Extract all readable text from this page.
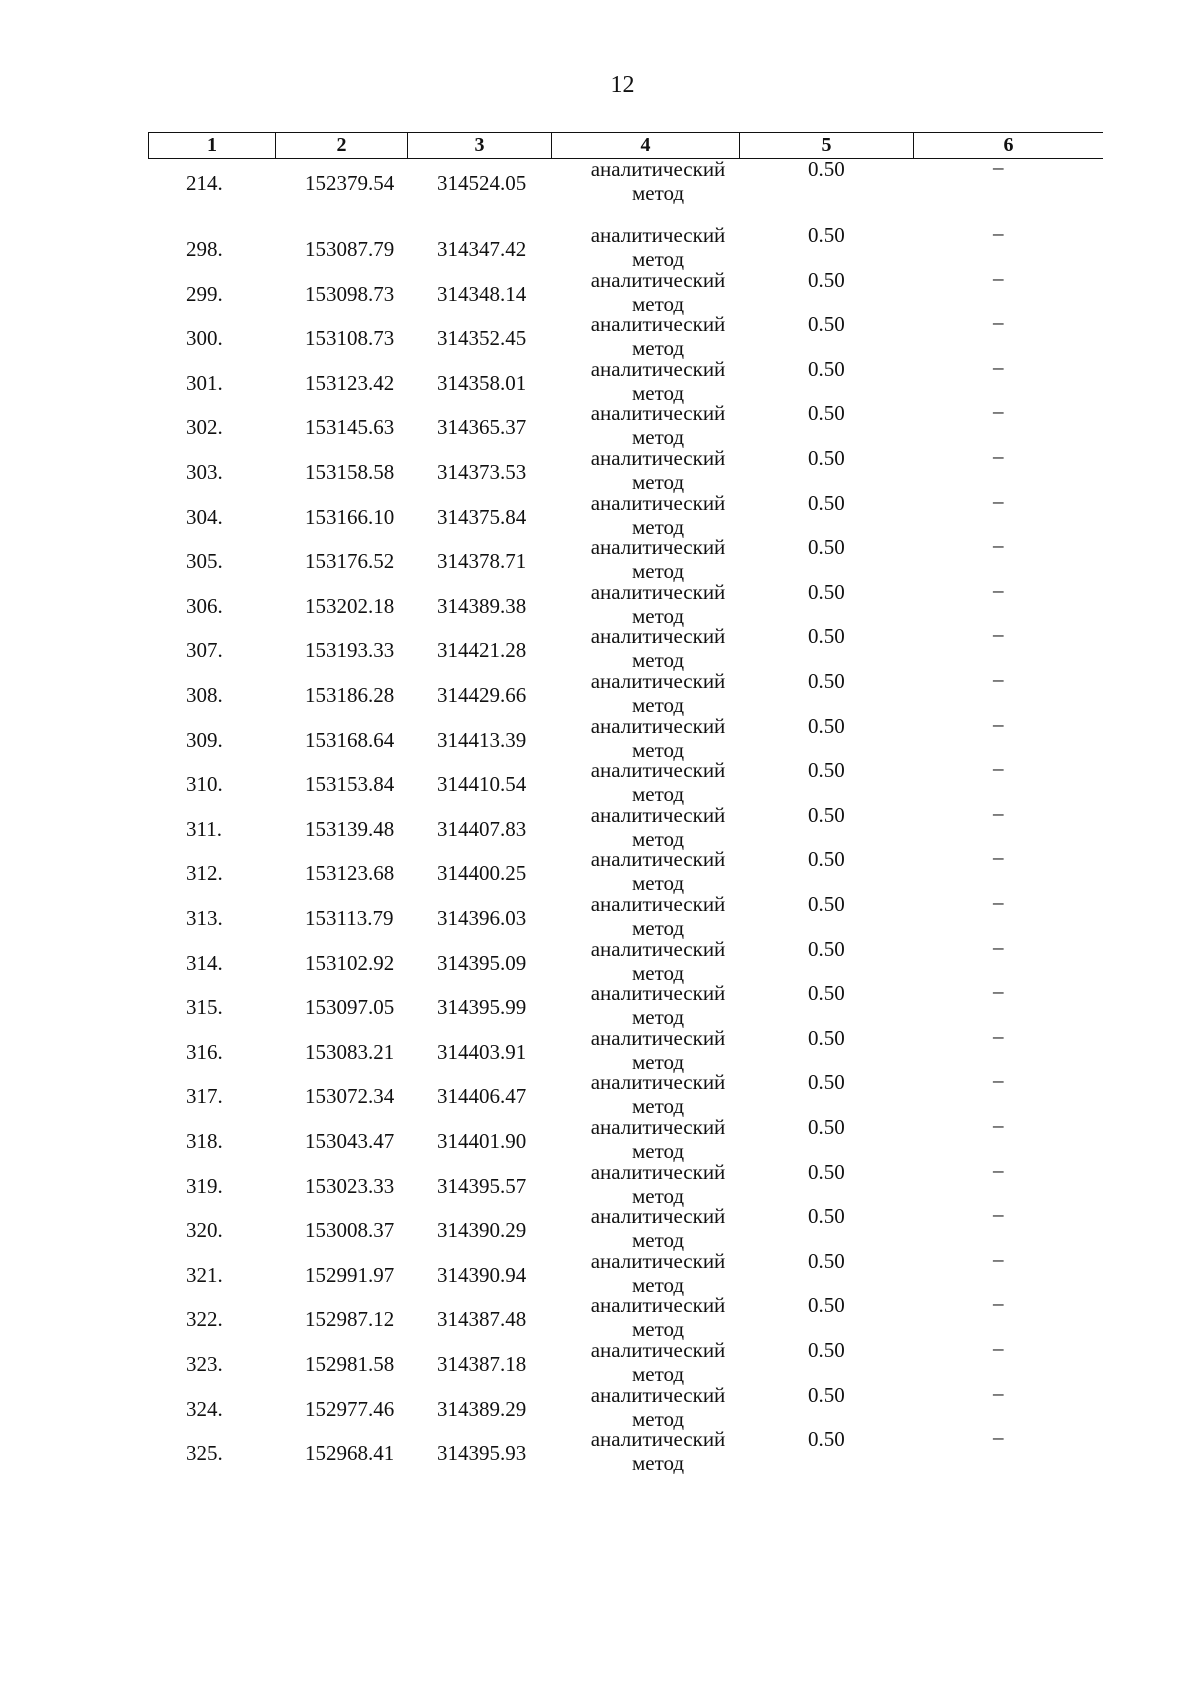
12
1	2	3	4	5	6
214.	152379.54 314524.05
аналитический
метод
0.50	–
298.	153087.79 314347.42
аналитический
метод
0.50	–
299.	153098.73 314348.14
аналитический
метод
0.50	–
300.	153108.73 314352.45
аналитический
метод
0.50	–
301.	153123.42 314358.01
аналитический
метод
0.50	–
302.	153145.63 314365.37
аналитический
метод
0.50	–
303.	153158.58 314373.53
аналитический
метод
0.50	–
304.	153166.10 314375.84
аналитический
метод
0.50	–
305.	153176.52 314378.71
аналитический
метод
0.50	–
306.	153202.18 314389.38
аналитический
метод
0.50	–
307.	153193.33 314421.28
аналитический
метод
0.50	–
308.	153186.28 314429.66
аналитический
метод
0.50	–
309.	153168.64 314413.39
аналитический
метод
0.50	–
310.	153153.84 314410.54
аналитический
метод
0.50	–
311.	153139.48 314407.83
аналитический
метод
0.50	–
312.	153123.68 314400.25
аналитический
метод
0.50	–
313.	153113.79 314396.03
аналитический
метод
0.50	–
314.	153102.92 314395.09
аналитический
метод
0.50	–
315.	153097.05 314395.99
аналитический
метод
0.50	–
316.	153083.21 314403.91
аналитический
метод
0.50	–
317.	153072.34 314406.47
аналитический
метод
0.50	–
318.	153043.47 314401.90
аналитический
метод
0.50	–
319.	153023.33 314395.57
аналитический
метод
0.50	–
320.	153008.37 314390.29
аналитический
метод
0.50	–
321.	152991.97 314390.94
аналитический
метод
0.50	–
322.	152987.12 314387.48
аналитический
метод
0.50	–
323.	152981.58 314387.18
аналитический
метод
0.50	–
324.	152977.46 314389.29
аналитический
метод
0.50	–
325.	152968.41 314395.93
аналитический
метод
0.50	–
